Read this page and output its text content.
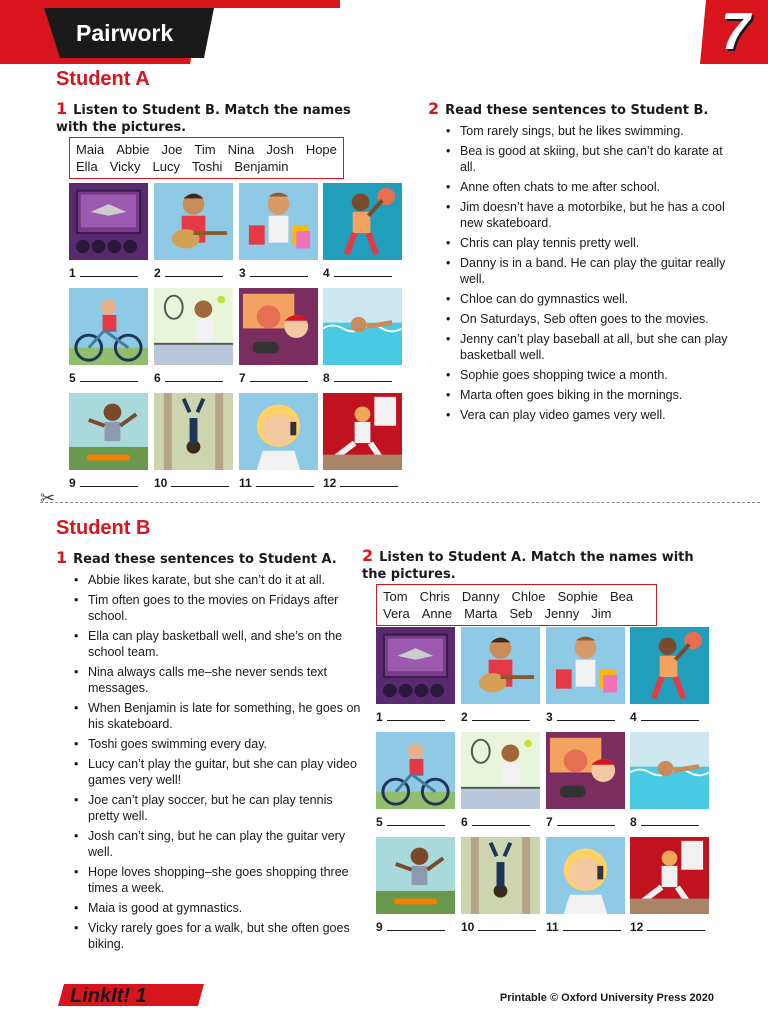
Pairwork	7
Student A
1 Listen to Student B. Match the names with the pictures.
Maia Abbie Joe Tim Nina Josh Hope
Ella Vicky Lucy Toshi Benjamin
2 Read these sentences to Student B.
• Tom rarely sings, but he likes swimming.
• Bea is good at skiing, but she can’t do karate at all.
• Anne often chats to me after school.
• Jim doesn’t have a motorbike, but he has a cool new skateboard.
• Chris can play tennis pretty well.
• Danny is in a band. He can play the guitar really well.
• Chloe can do gymnastics well.
• On Saturdays, Seb often goes to the movies.
• Jenny can’t play baseball at all, but she can play basketball well.
• Sophie goes shopping twice a month.
• Marta often goes biking in the mornings.
• Vera can play video games very well.
1	2	3	4
5	6	7	8
9	10	11	12
✂
Student B
1 Read these sentences to Student A.
• Abbie likes karate, but she can’t do it at all.
• Tim often goes to the movies on Fridays after school.
• Ella can play basketball well, and she’s on the school team.
• Nina always calls me–she never sends text messages.
• When Benjamin is late for something, he goes on his skateboard.
• Toshi goes swimming every day.
• Lucy can’t play the guitar, but she can play video games very well!
• Joe can’t play soccer, but he can play tennis pretty well.
• Josh can’t sing, but he can play the guitar very well.
• Hope loves shopping–she goes shopping three times a week.
• Maia is good at gymnastics.
• Vicky rarely goes for a walk, but she often goes biking.
2 Listen to Student A. Match the names with the pictures.
Tom Chris Danny Chloe Sophie Bea
Vera Anne Marta Seb Jenny Jim
1	2	3	4
5	6	7	8
9	10	11	12
LinkIt! 1	Printable © Oxford University Press 2020
